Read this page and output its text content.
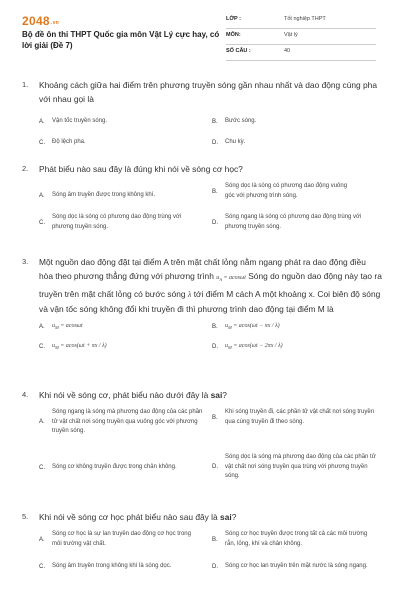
2048.vn
Bộ đề ôn thi THPT Quốc gia môn Vật Lý cực hay, có lời giải (Đề 7)
LỚP :	Tốt nghiệp THPT
MÔN:	Vật lý
SỐ CÂU :	40
1. Khoảng cách giữa hai điểm trên phương truyền sóng gần nhau nhất và dao động cùng pha với nhau gọi là
A.	Vận tốc truyền sóng.	B.	Bước sóng.
C.	Độ lệch pha.	D.	Chu kỳ.
2. Phát biểu nào sau đây là đúng khi nói về sóng cơ học?
A.	Sóng âm truyền được trong không khí.
B.
Sóng dọc là sóng có phương dao động vuông góc với phương trình sóng.
C.
Sóng dọc là sóng có phương dao động trùng với phương truyền sóng.
D.
Sóng ngang là sóng có phương dao động trùng với phương truyền sóng.
3. Một nguồn dao động đặt tại điểm A trên mặt chất lỏng nằm ngang phát ra dao động điều hòa theo phương thẳng đứng với phương trình $u_A = acos\omega t$ Sóng do nguồn dao động này tạo ra truyền trên mặt chất lỏng có bước sóng λ tới điểm M cách A một khoảng x. Coi biên độ sóng và vận tốc sóng không đổi khi truyền đi thì phương trình dao động tại điểm M là
A.	$u_M = acos\omega t$	B.	$u_M = acos(\omega t - \pi x / \lambda)$
C.	$u_M = acos(\omega t + \pi x / \lambda)$	D.	$u_M = acos(\omega t - 2\pi x / \lambda)$
4. Khi nói về sóng cơ, phát biểu nào dưới đây là sai?
A.
Sóng ngang là sóng mà phương dao động của các phần tử vật chất nơi sóng truyền qua vuông góc với phương truyền sóng.
B.
Khi sóng truyền đi, các phần tử vật chất nơi sóng truyền qua cùng truyền đi theo sóng.
C.	Sóng cơ không truyền được trong chân không.	D.
Sóng dọc là sóng mà phương dao động của các phần tử vật chất nơi sóng truyền qua trùng với phương truyền sóng.
5. Khi nói về sóng cơ học phát biểu nào sau đây là sai?
A.
Sóng cơ học là sự lan truyền dao động cơ học trong môi trường vật chất.
B.
Sóng cơ học truyền được trong tất cả các môi trường rắn, lỏng, khí và chân không.
C.	Sóng âm truyền trong không khí là sóng dọc.	D.	Sóng cơ học lan truyền trên mặt nước là sóng ngang.
